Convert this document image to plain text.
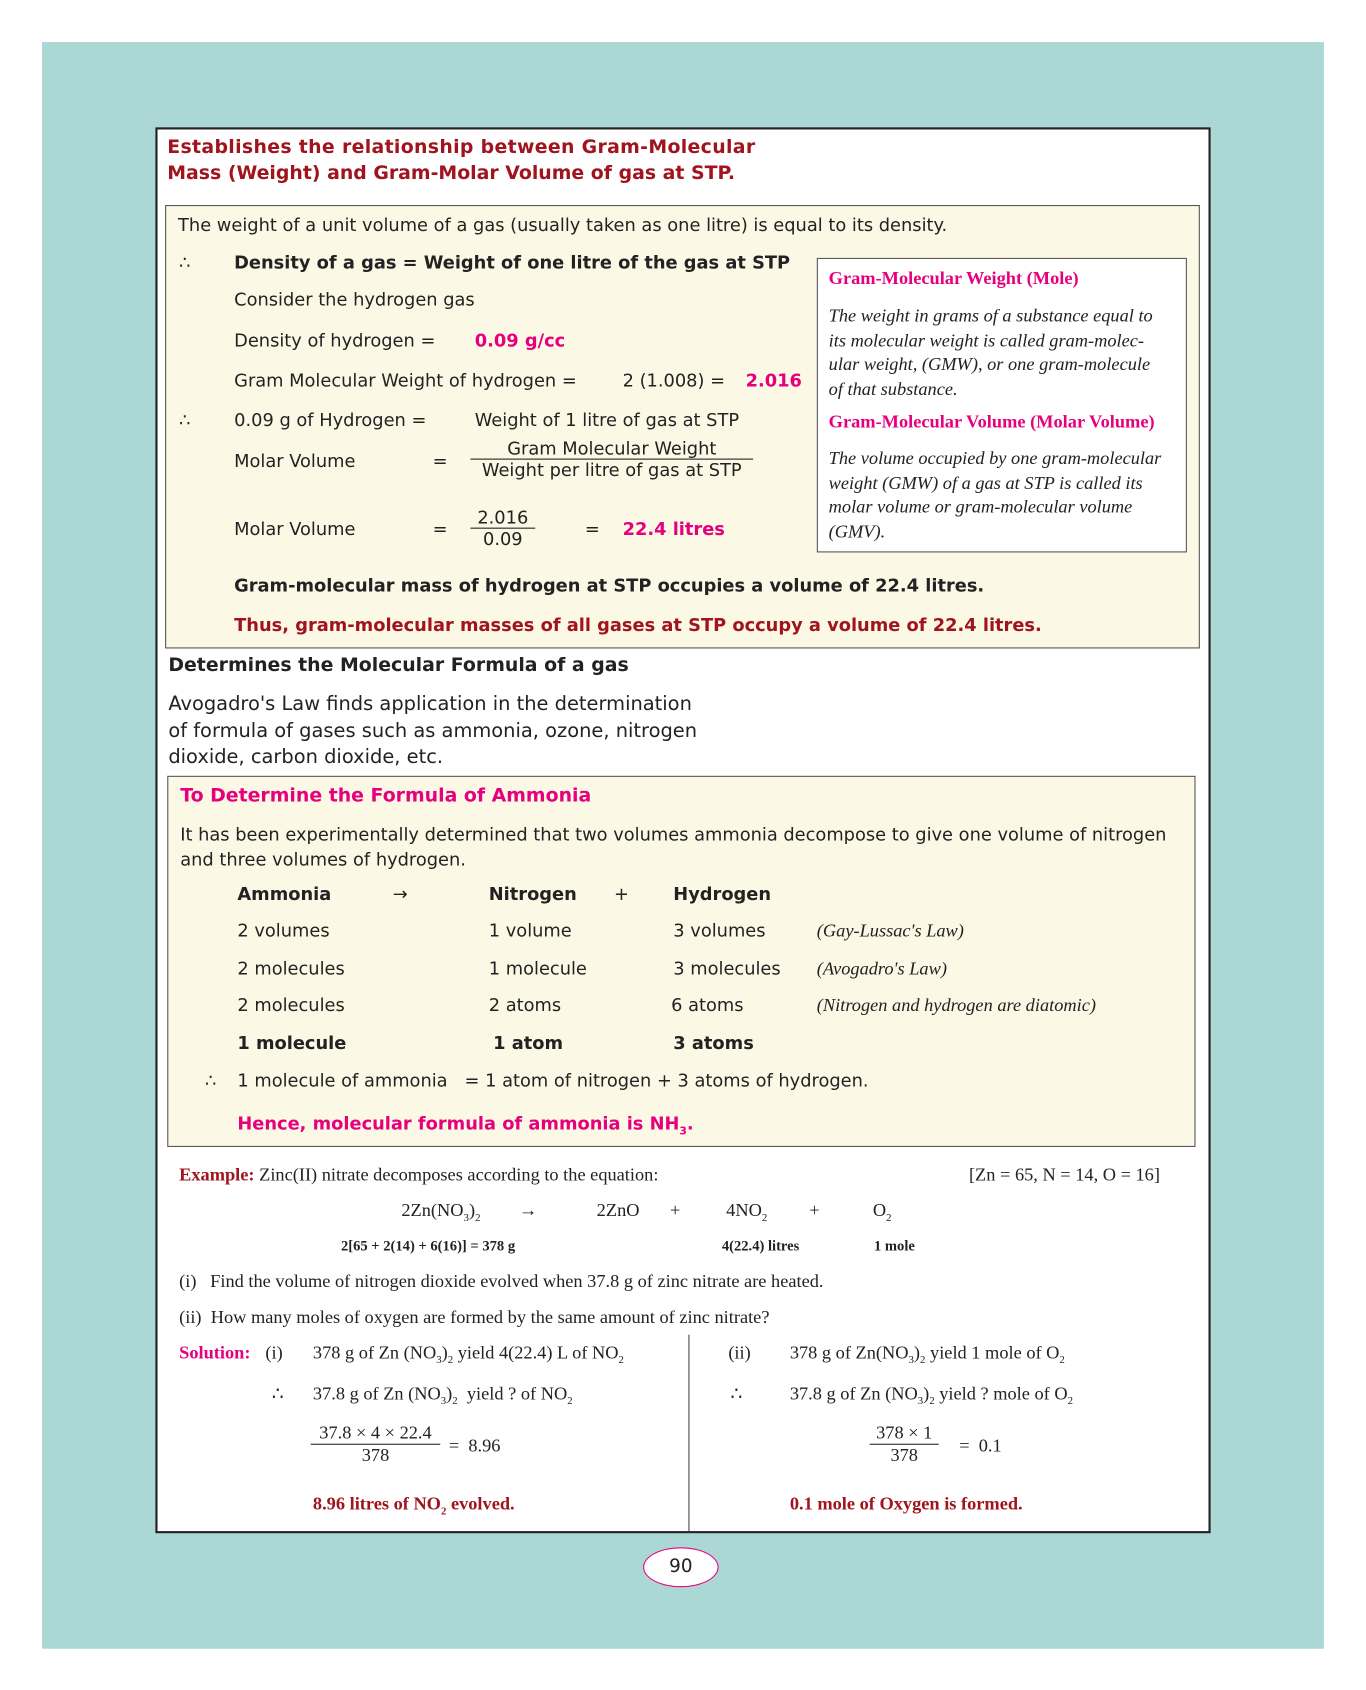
Establishes the relationship between Gram-Molecular
Mass (Weight) and Gram-Molar Volume of gas at STP.
The weight of a unit volume of a gas (usually taken as one litre) is equal to its density.
∴	Density of a gas = Weight of one litre of the gas at STP
Consider the hydrogen gas
Density of hydrogen = 0.09 g/cc
Gram Molecular Weight of hydrogen =	2 (1.008) = 2.016
∴	0.09 g of Hydrogen =	Weight of 1 litre of gas at STP
Molar Volume	=
Gram Molecular Weight
Weight per litre of gas at STP
Molar Volume	= $\frac{2.016}{0.09}$	= 22.4 litres
Gram-molecular mass of hydrogen at STP occupies a volume of 22.4 litres.
Thus, gram-molecular masses of all gases at STP occupy a volume of 22.4 litres.
Gram-Molecular Weight (Mole)
The weight in grams of a substance equal to
its molecular weight is called gram-molec-
ular weight, (GMW), or one gram-molecule
of that substance.
Gram-Molecular Volume (Molar Volume)
The volume occupied by one gram-molecular
weight (GMW) of a gas at STP is called its
molar volume or gram-molecular volume
(GMV).
Determines the Molecular Formula of a gas
Avogadro's Law finds application in the determination
of formula of gases such as ammonia, ozone, nitrogen
dioxide, carbon dioxide, etc.
To Determine the Formula of Ammonia
It has been experimentally determined that two volumes ammonia decompose to give one volume of nitrogen
and three volumes of hydrogen.
Ammonia	→	Nitrogen +	Hydrogen
2 volumes	1 volume	3 volumes	(Gay-Lussac's Law)
2 molecules	1 molecule	3 molecules (Avogadro's Law)
2 molecules	2 atoms	6 atoms	(Nitrogen and hydrogen are diatomic)
1 molecule	1 atom	3 atoms
∴ 1 molecule of ammonia   = 1 atom of nitrogen + 3 atoms of hydrogen.
Hence, molecular formula of ammonia is $NH_3$.
Example: Zinc(II) nitrate decomposes according to the equation:	[Zn = 65, N = 14, O = 16]
$2Zn(NO_3)_2$ →	2ZnO +	$4NO_2$ +	$O_2$
2[65 + 2(14) + 6(16)] = 378 g	4(22.4) litres	1 mole
(i)   Find the volume of nitrogen dioxide evolved when 37.8 g of zinc nitrate are heated.
(ii)  How many moles of oxygen are formed by the same amount of zinc nitrate?
Solution: (i) 378 g of Zn $(NO_3)_2$ yield 4(22.4) L of $NO_2$
∴ 37.8 g of Zn $(NO_3)_2$  yield ? of $NO_2$
$\frac{37.8 \times 4 \times 22.4}{378} = 8.96$
8.96 litres of $NO_2$ evolved.
(ii) 378 g of $Zn(NO_3)_2$ yield 1 mole of $O_2$
∴	37.8 g of Zn $(NO_3)_2$ yield ? mole of $O_2$
$\frac{378 \times 1}{378} = 0.1$
0.1 mole of Oxygen is formed.
90
